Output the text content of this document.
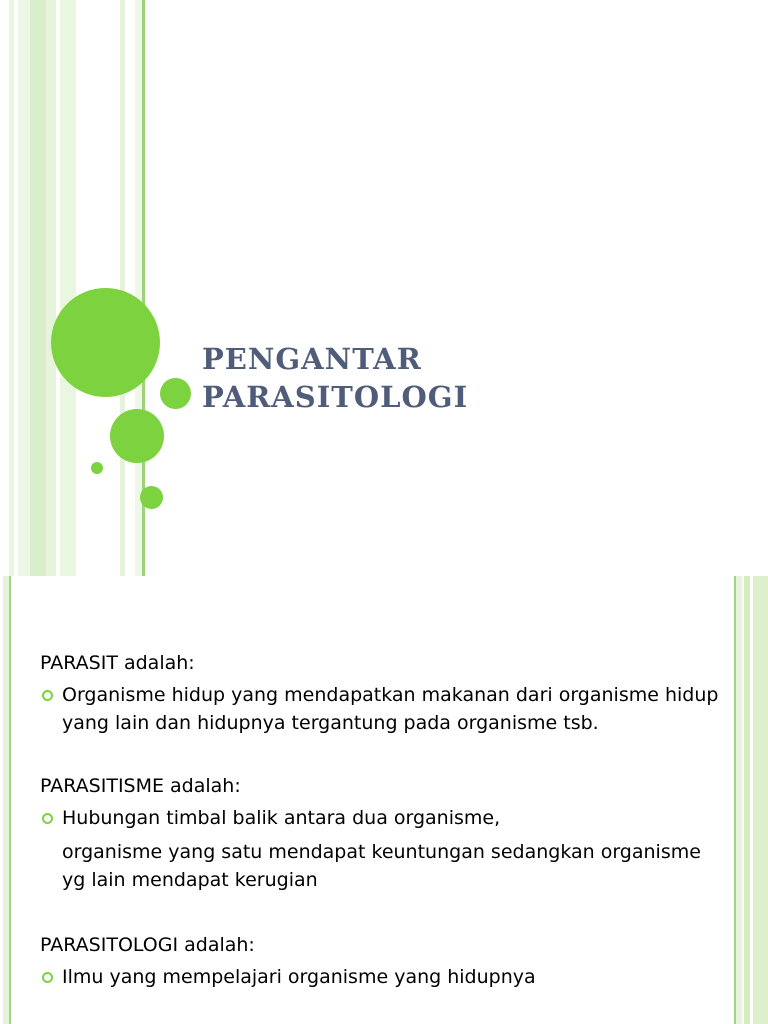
PENGANTAR
PARASITOLOGI

PARASIT adalah:

Organisme hidup yang mendapatkan makanan dari organisme hidup yang lain dan hidupnya tergantung pada organisme tsb.

PARASITISME adalah:

Hubungan timbal balik antara dua organisme,
organisme yang satu mendapat keuntungan sedangkan organisme yg lain mendapat kerugian

PARASITOLOGI adalah:

Ilmu yang mempelajari organisme yang hidupnya
